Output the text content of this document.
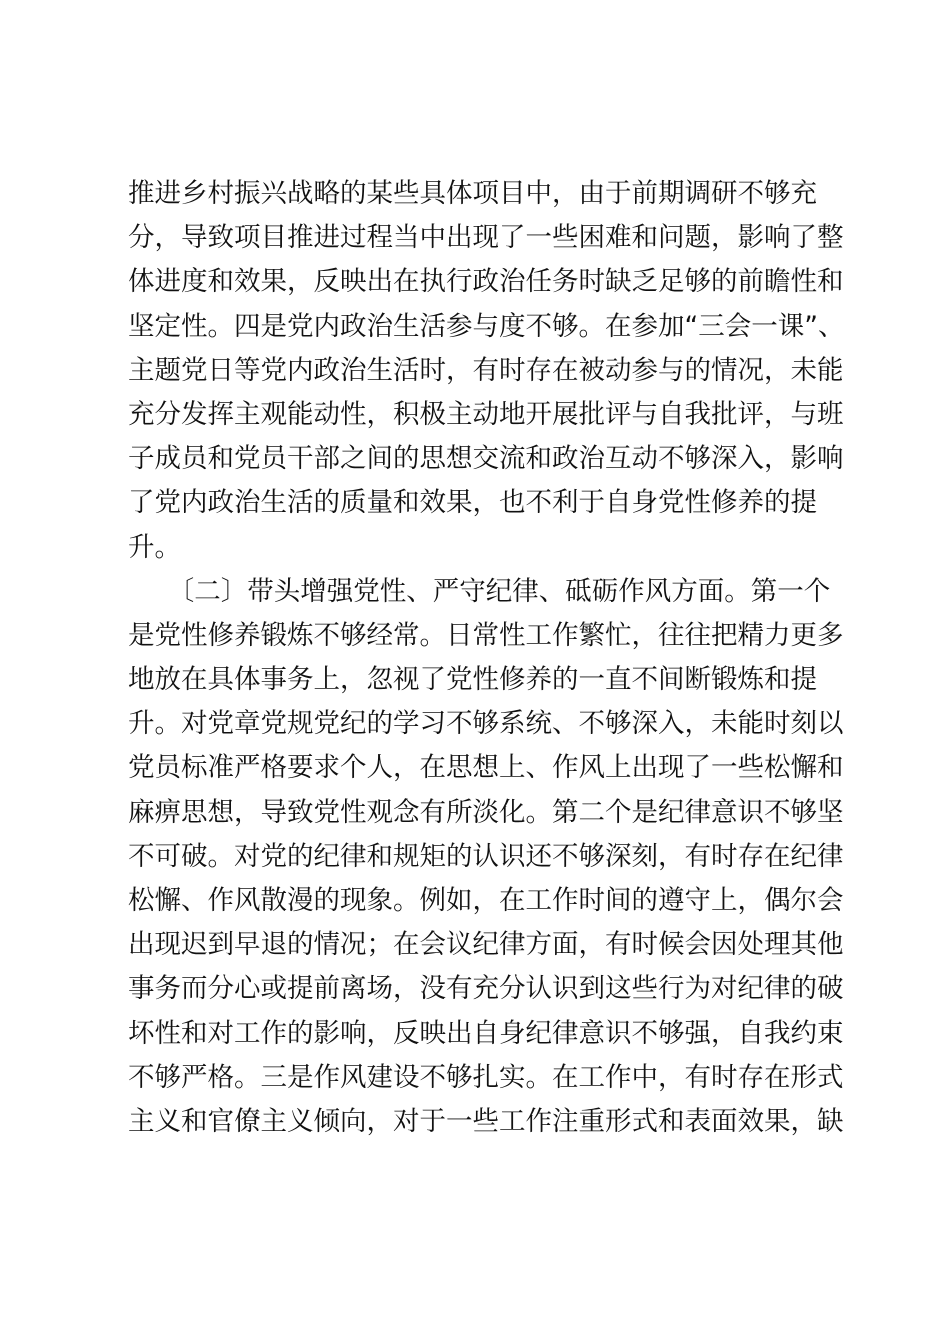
推进乡村振兴战略的某些具体项目中，由于前期调研不够充
分，导致项目推进过程当中出现了一些困难和问题，影响了整
体进度和效果，反映出在执行政治任务时缺乏足够的前瞻性和
坚定性。四是党内政治生活参与度不够。在参加“三会一课”、
主题党日等党内政治生活时，有时存在被动参与的情况，未能
充分发挥主观能动性，积极主动地开展批评与自我批评，与班
子成员和党员干部之间的思想交流和政治互动不够深入，影响
了党内政治生活的质量和效果，也不利于自身党性修养的提
升。
　　〔二〕带头增强党性、严守纪律、砥砺作风方面。第一个
是党性修养锻炼不够经常。日常性工作繁忙，往往把精力更多
地放在具体事务上，忽视了党性修养的一直不间断锻炼和提
升。对党章党规党纪的学习不够系统、不够深入，未能时刻以
党员标准严格要求个人，在思想上、作风上出现了一些松懈和
麻痹思想，导致党性观念有所淡化。第二个是纪律意识不够坚
不可破。对党的纪律和规矩的认识还不够深刻，有时存在纪律
松懈、作风散漫的现象。例如，在工作时间的遵守上，偶尔会
出现迟到早退的情况；在会议纪律方面，有时候会因处理其他
事务而分心或提前离场，没有充分认识到这些行为对纪律的破
坏性和对工作的影响，反映出自身纪律意识不够强，自我约束
不够严格。三是作风建设不够扎实。在工作中，有时存在形式
主义和官僚主义倾向，对于一些工作注重形式和表面效果，缺
